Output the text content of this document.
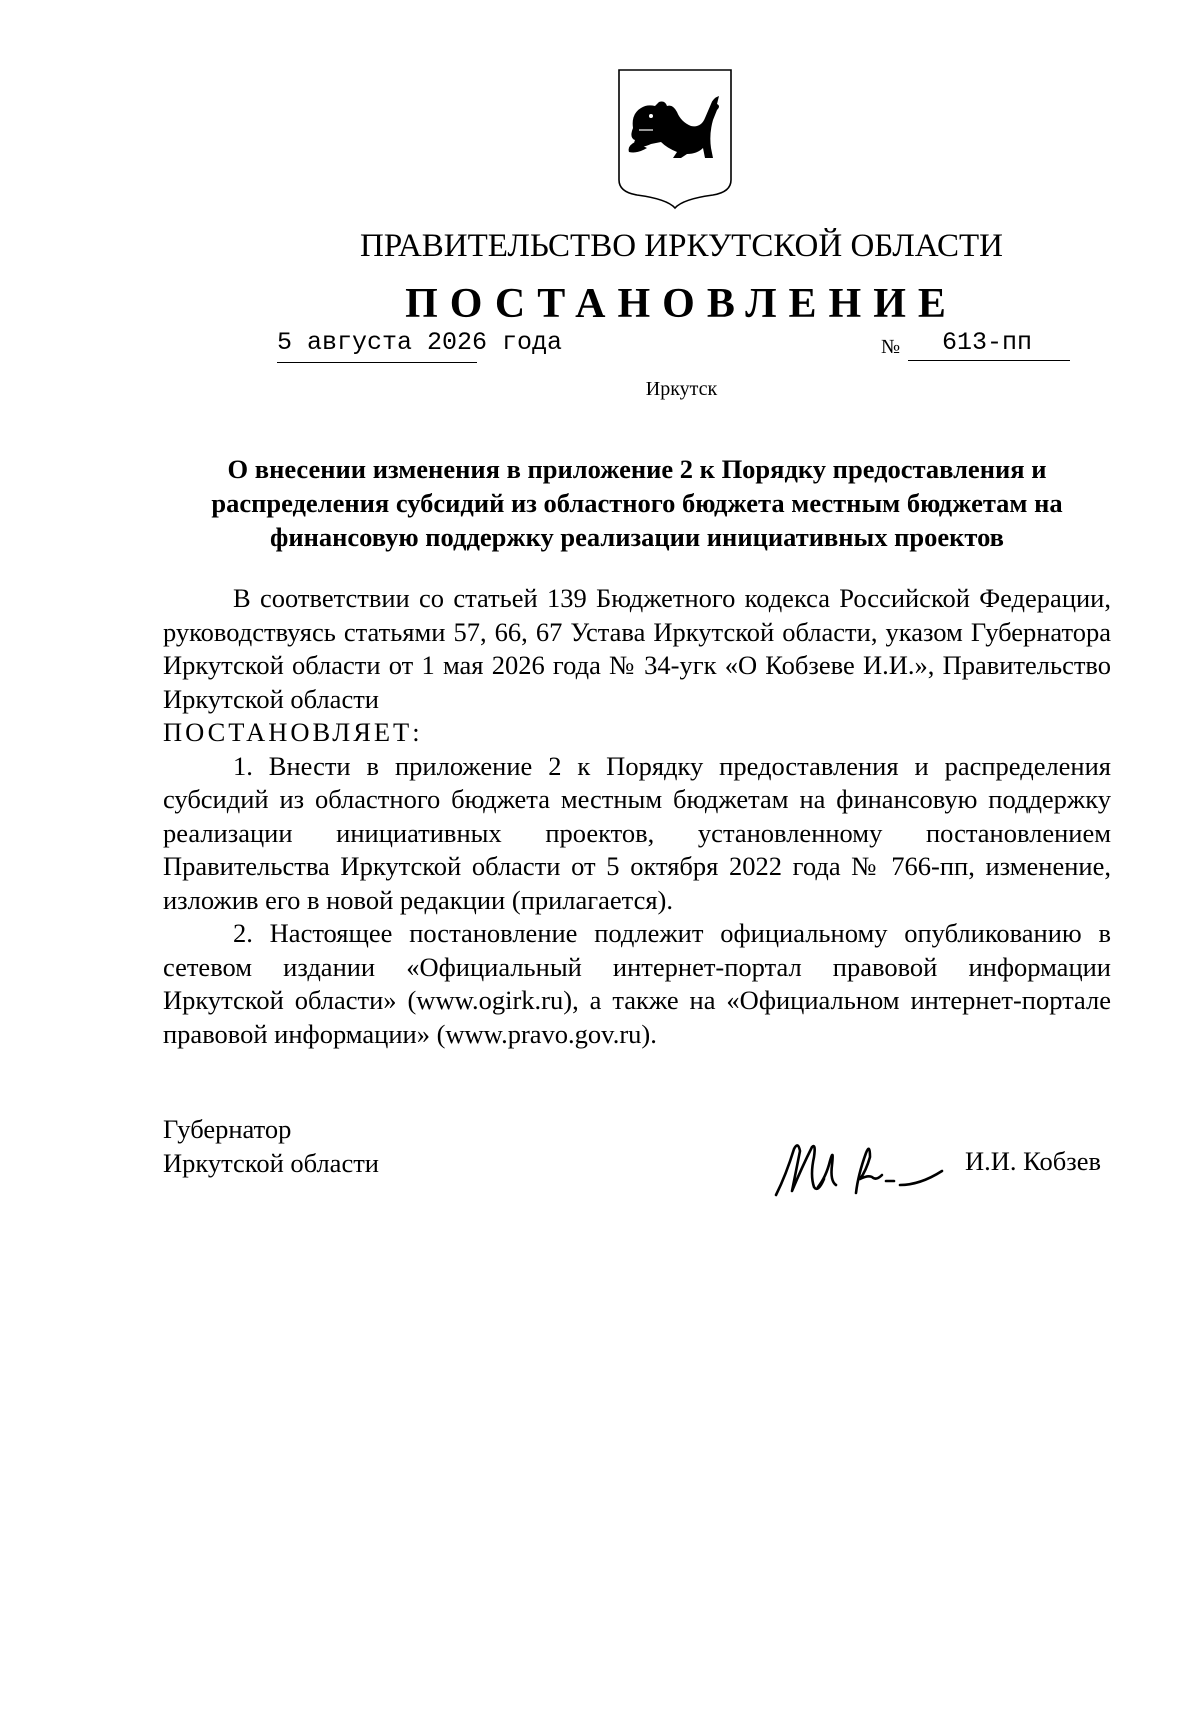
ПРАВИТЕЛЬСТВО ИРКУТСКОЙ ОБЛАСТИ
ПОСТАНОВЛЕНИЕ
5 августа 2026 года	№ 613-пп
Иркутск
О внесении изменения в приложение 2 к Порядку предоставления и распределения субсидий из областного бюджета местным бюджетам на финансовую поддержку реализации инициативных проектов

В соответствии со статьей 139 Бюджетного кодекса Российской Федерации, руководствуясь статьями 57, 66, 67 Устава Иркутской области, указом Губернатора Иркутской области от 1 мая 2026 года № 34-угк «О Кобзеве И.И.», Правительство Иркутской области

ПОСТАНОВЛЯЕТ:

1. Внести в приложение 2 к Порядку предоставления и распределения субсидий из областного бюджета местным бюджетам на финансовую поддержку реализации инициативных проектов, установленному постановлением Правительства Иркутской области от 5 октября 2022 года № 766-пп, изменение, изложив его в новой редакции (прилагается).

2. Настоящее постановление подлежит официальному опубликованию в сетевом издании «Официальный интернет-портал правовой информации Иркутской области» (www.ogirk.ru), а также на «Официальном интернет-портале правовой информации» (www.pravo.gov.ru).

Губернатор
Иркутской области	И.И. Кобзев
